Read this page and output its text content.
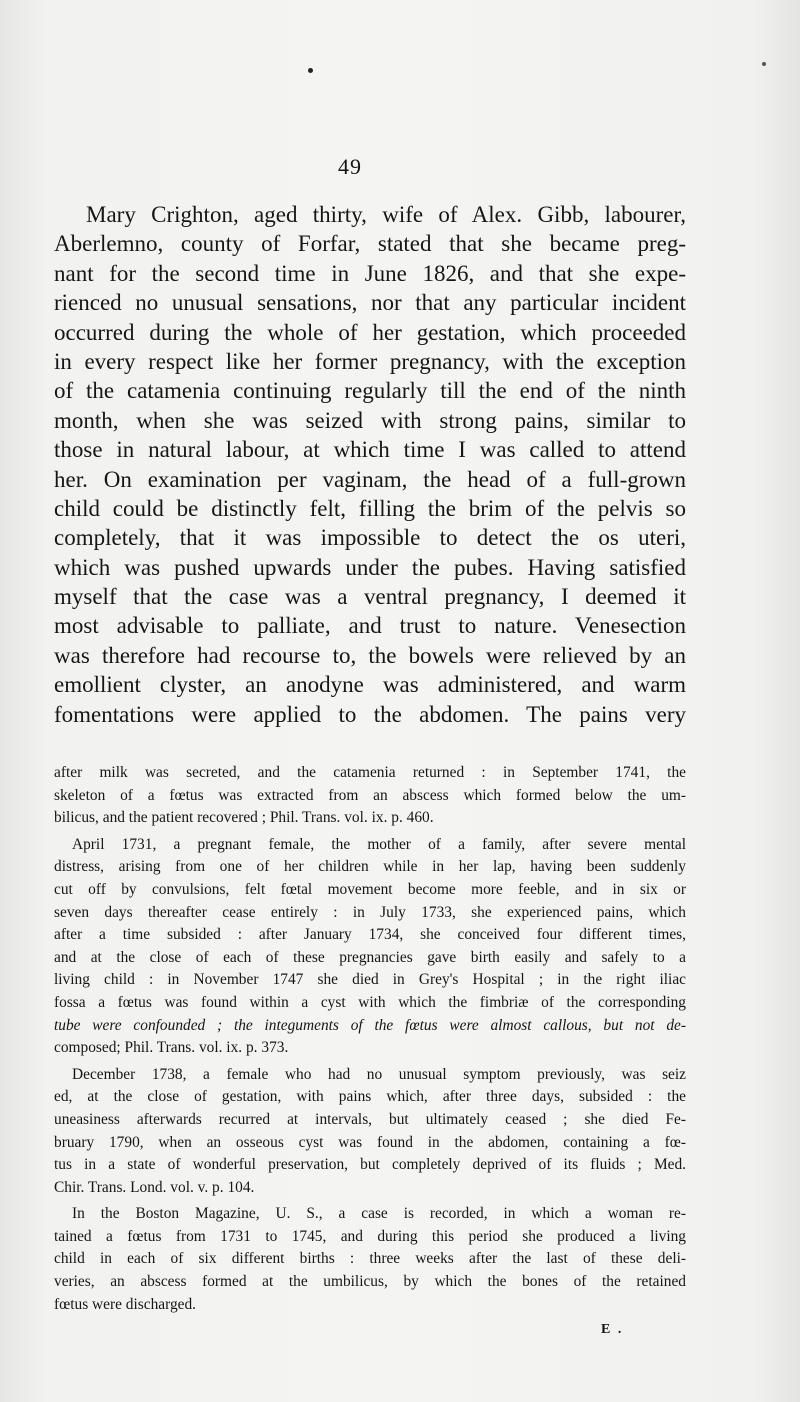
49
Mary Crighton, aged thirty, wife of Alex. Gibb, labourer,
Aberlemno, county of Forfar, stated that she became preg-
nant for the second time in June 1826, and that she expe-
rienced no unusual sensations, nor that any particular incident
occurred during the whole of her gestation, which proceeded
in every respect like her former pregnancy, with the exception
of the catamenia continuing regularly till the end of the ninth
month, when she was seized with strong pains, similar to
those in natural labour, at which time I was called to attend
her. On examination per vaginam, the head of a full-grown
child could be distinctly felt, filling the brim of the pelvis so
completely, that it was impossible to detect the os uteri,
which was pushed upwards under the pubes. Having satisfied
myself that the case was a ventral pregnancy, I deemed it
most advisable to palliate, and trust to nature. Venesection
was therefore had recourse to, the bowels were relieved by an
emollient clyster, an anodyne was administered, and warm
fomentations were applied to the abdomen. The pains very
after milk was secreted, and the catamenia returned : in September 1741, the
skeleton of a fœtus was extracted from an abscess which formed below the um-
bilicus, and the patient recovered ; Phil. Trans. vol. ix. p. 460.
April 1731, a pregnant female, the mother of a family, after severe mental
distress, arising from one of her children while in her lap, having been suddenly
cut off by convulsions, felt fœtal movement become more feeble, and in six or
seven days thereafter cease entirely : in July 1733, she experienced pains, which
after a time subsided : after January 1734, she conceived four different times,
and at the close of each of these pregnancies gave birth easily and safely to a
living child : in November 1747 she died in Grey's Hospital ; in the right iliac
fossa a fœtus was found within a cyst with which the fimbriæ of the corresponding
tube were confounded ; the integuments of the fœtus were almost callous, but not de-
composed; Phil. Trans. vol. ix. p. 373.
December 1738, a female who had no unusual symptom previously, was seiz
ed, at the close of gestation, with pains which, after three days, subsided : the
uneasiness afterwards recurred at intervals, but ultimately ceased ; she died Fe-
bruary 1790, when an osseous cyst was found in the abdomen, containing a fœ-
tus in a state of wonderful preservation, but completely deprived of its fluids ; Med.
Chir. Trans. Lond. vol. v. p. 104.
In the Boston Magazine, U. S., a case is recorded, in which a woman re-
tained a fœtus from 1731 to 1745, and during this period she produced a living
child in each of six different births : three weeks after the last of these deli-
veries, an abscess formed at the umbilicus, by which the bones of the retained
fœtus were discharged.
E .
